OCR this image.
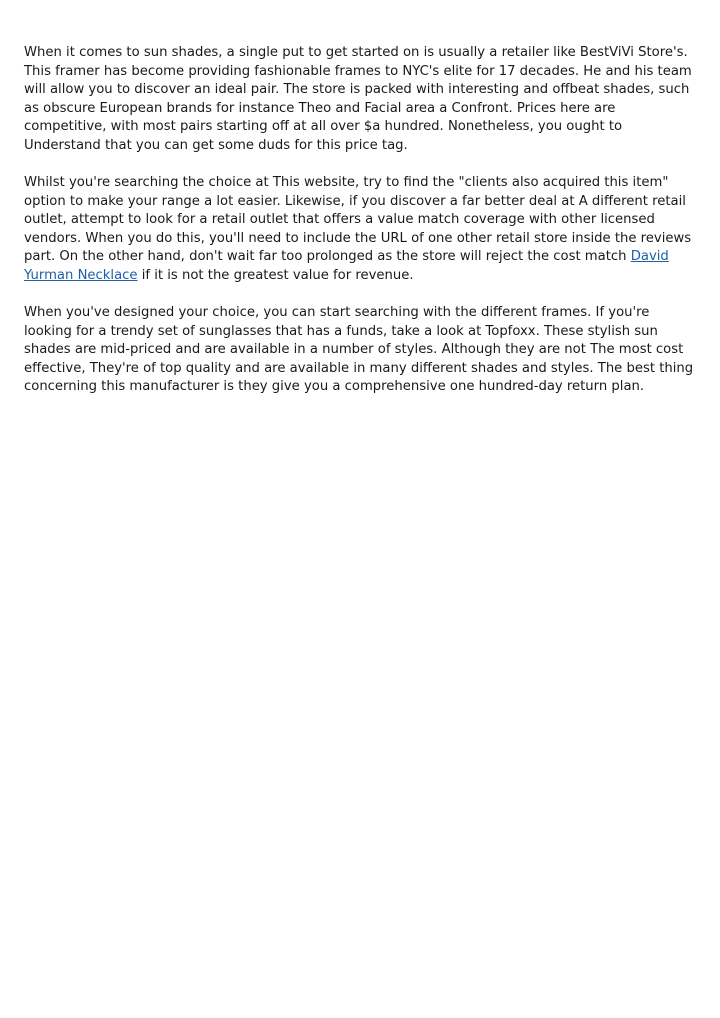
When it comes to sun shades, a single put to get started on is usually a retailer like BestViVi Store's. This framer has become providing fashionable frames to NYC's elite for 17 decades. He and his team will allow you to discover an ideal pair. The store is packed with interesting and offbeat shades, such as obscure European brands for instance Theo and Facial area a Confront. Prices here are competitive, with most pairs starting off at all over $a hundred. Nonetheless, you ought to Understand that you can get some duds for this price tag.

Whilst you're searching the choice at This website, try to find the "clients also acquired this item" option to make your range a lot easier. Likewise, if you discover a far better deal at A different retail outlet, attempt to look for a retail outlet that offers a value match coverage with other licensed vendors. When you do this, you'll need to include the URL of one other retail store inside the reviews part. On the other hand, don't wait far too prolonged as the store will reject the cost match David Yurman Necklace if it is not the greatest value for revenue.

When you've designed your choice, you can start searching with the different frames. If you're looking for a trendy set of sunglasses that has a funds, take a look at Topfoxx. These stylish sun shades are mid-priced and are available in a number of styles. Although they are not The most cost effective, They're of top quality and are available in many different shades and styles. The best thing concerning this manufacturer is they give you a comprehensive one hundred-day return plan.
